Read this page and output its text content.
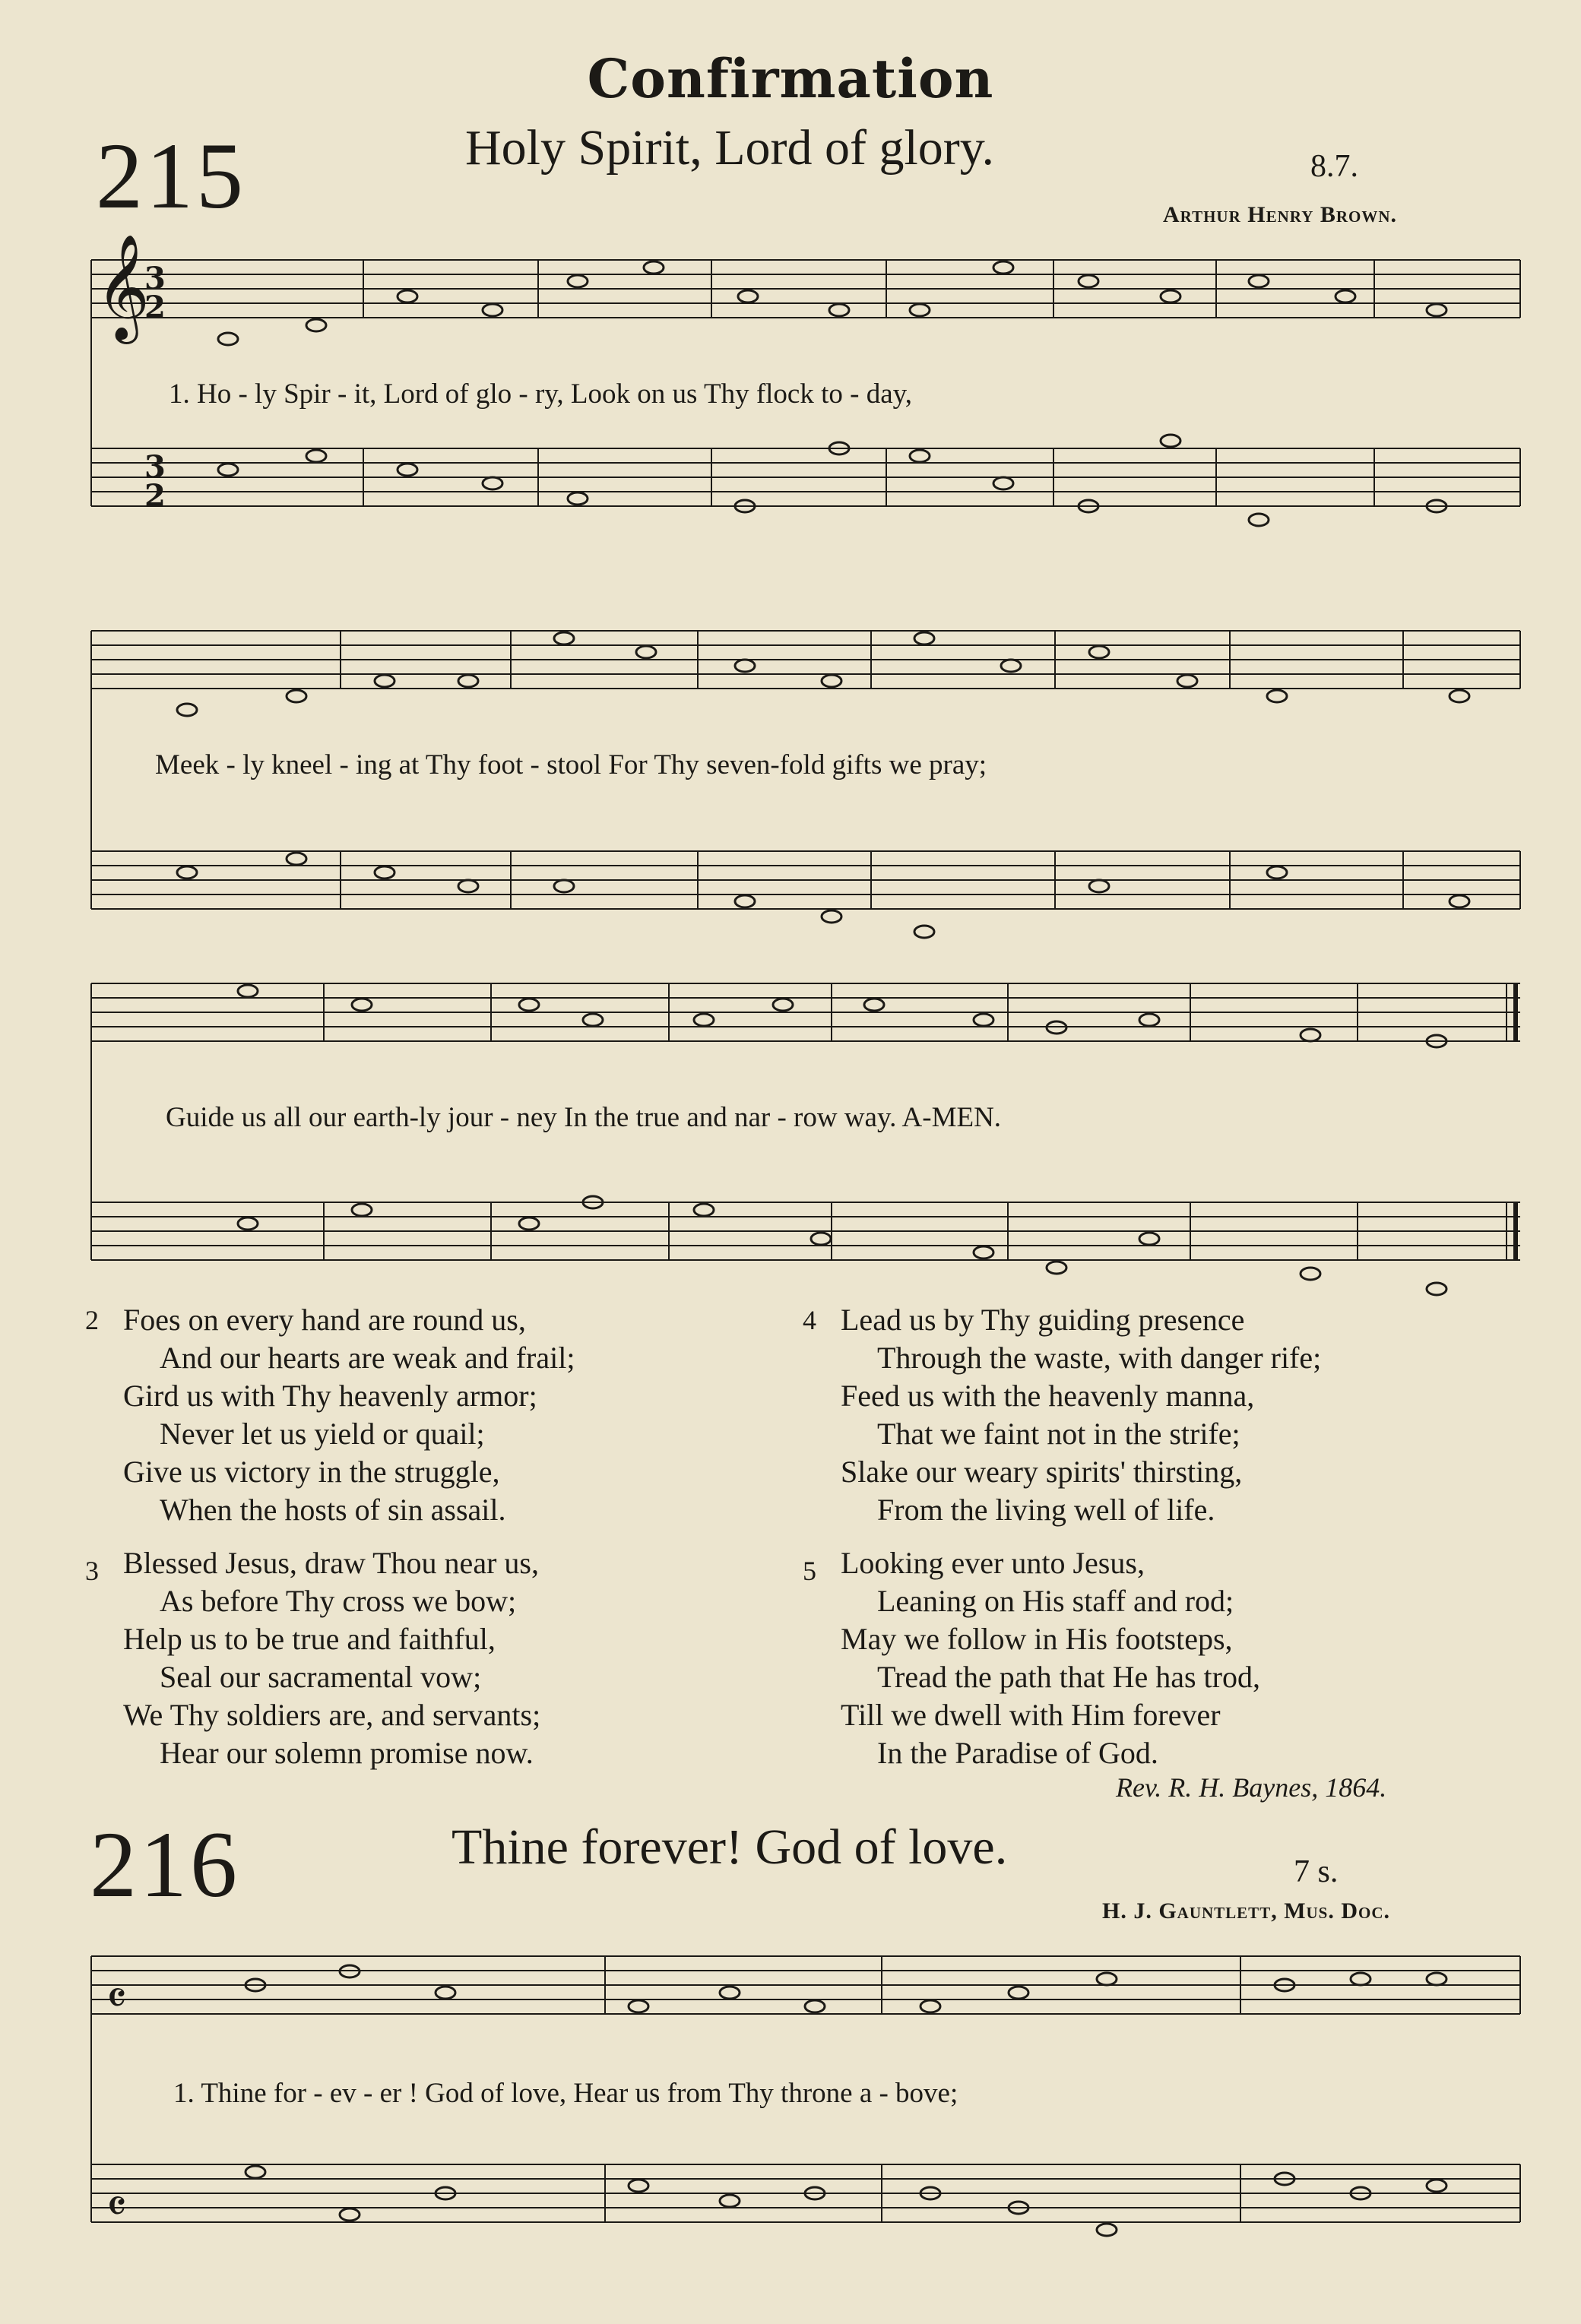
Confirmation
215	Holy Spirit, Lord of glory.	8.7.
Arthur Henry Brown.
𝄞
3
2
3
2
𝄴
𝄴
1. Ho - ly Spir - it, Lord of glo - ry, Look on us Thy flock to - day,
Meek - ly kneel - ing at Thy foot - stool For Thy seven-fold gifts we pray;
Guide us all our earth-ly jour - ney In the true and nar - row way. A-MEN.
2 Foes on every hand are round us,
And our hearts are weak and frail;
Gird us with Thy heavenly armor;
Never let us yield or quail;
Give us victory in the struggle,
When the hosts of sin assail.
3 Blessed Jesus, draw Thou near us,
As before Thy cross we bow;
Help us to be true and faithful,
Seal our sacramental vow;
We Thy soldiers are, and servants;
Hear our solemn promise now.
4 Lead us by Thy guiding presence
Through the waste, with danger rife;
Feed us with the heavenly manna,
That we faint not in the strife;
Slake our weary spirits' thirsting,
From the living well of life.
5 Looking ever unto Jesus,
Leaning on His staff and rod;
May we follow in His footsteps,
Tread the path that He has trod,
Till we dwell with Him forever
In the Paradise of God.
Rev. R. H. Baynes, 1864.
216	Thine forever! God of love.	7 s.
H. J. Gauntlett, Mus. Doc.
1. Thine for - ev - er ! God of love, Hear us from Thy throne a - bove;
